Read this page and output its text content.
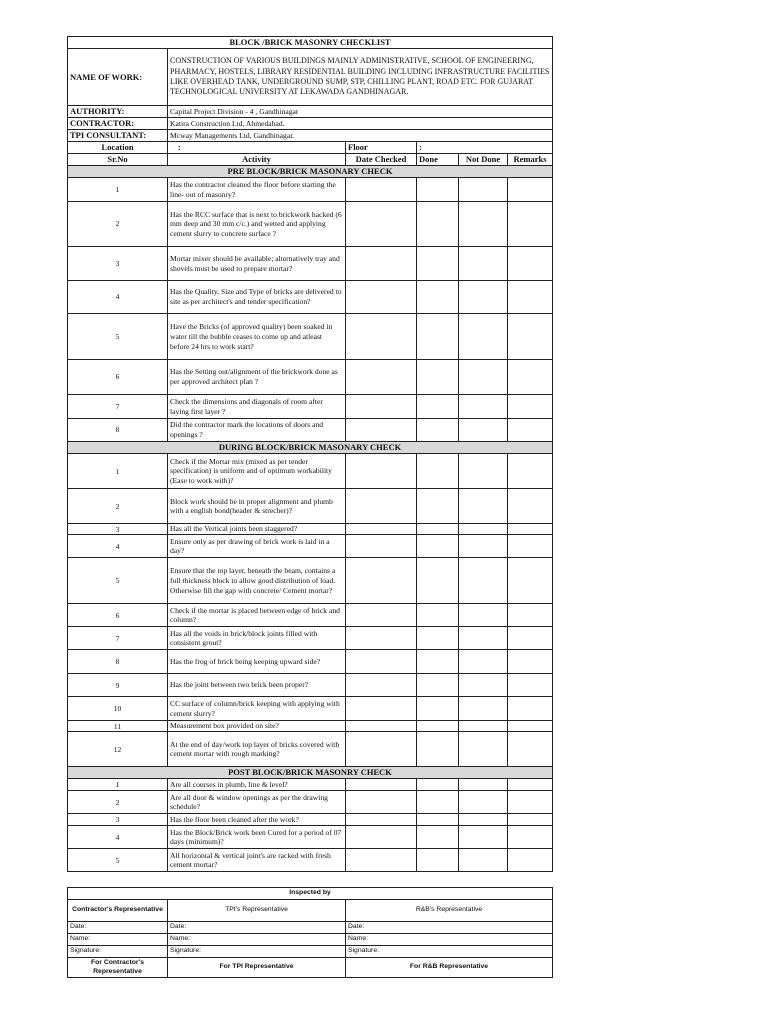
BLOCK /BRICK MASONRY CHECKLIST					
NAME OF WORK:	CONSTRUCTION OF VARIOUS BUILDINGS MAINLY ADMINISTRATIVE, SCHOOL OF ENGINEERING, PHARMACY, HOSTELS, LIBRARY RESIDENTIAL BUILDING INCLUDING INFRASTRUCTURE FACILITIES LIKE OVERHEAD TANK, UNDERGROUND SUMP, STP, CHILLING PLANT, ROAD ETC. FOR GUJARAT TECHNOLOGICAL UNIVERSITY AT LEKAWADA GANDHINAGAR.				
AUTHORITY:	Capital Project Division - 4 , Gandhinagar				
CONTRACTOR:	Katira Construction Ltd, Ahmedabad.				
TPI CONSULTANT:	Mcway Managements Ltd, Gandhinagar.				
Location	:	Floor	:		
Sr.No	Activity	Date Checked	Done	Not Done	Remarks
PRE BLOCK/BRICK MASONARY CHECK					
1	Has the contractor cleaned the floor before starting the line- out of masonry?				
2	Has the RCC surface that is next to brickwork hacked (6 mm deep and 30 mm c/c.) and wetted and applying cement slurry to concrete surface ?				
3	Mortar mixer should be available; alternatively tray and shovels must be used to prepare mortar?				
4	Has the Quality, Size and Type of bricks are delivered to site as per architect's and tender specification?				
5	Have the Bricks (of approved quality) been soaked in water till the bubble ceases to come up and atleast before 24 hrs to work start?				
6	Has the Setting out/alignment of the brickwork done as per approved architect plan ?				
7	Check the dimensions and diagonals of room after laying first layer ?				
8	Did the contractor mark the locations of doors and openings ?				
DURING BLOCK/BRICK MASONARY CHECK					
1	Check if the Mortar mix (mixed as per tender specification) is uniform and of optimum workability (Ease to work with)?				
2	Block work should be in proper alignment and plumb with a english bond(header & strecher)?				
3	Has all the Vertical joints been staggered?				
4	Ensure only as per drawing of brick work is laid in a day?				
5	Ensure that the top layer, beneath the beam, contains a full thickness block to allow good distribution of load. Otherwise fill the gap with concrete/ Cement mortar?				
6	Check if the mortar is placed between edge of brick and column?				
7	Has all the voids in brick/block joints filled with consistent grout?				
8	Has the frog of brick being keeping upward side?				
9	Has the joint between two brick been proper?				
10	CC surface of column/brick keeping with applying with cement slurry?				
11	Measurement box provided on site?				
12	At the end of day/work top layer of bricks covered with cement mortar with rough marking?				
POST BLOCK/BRICK MASONRY CHECK					
1	Are all courses in plumb, line & level?				
2	Are all door & window openings as per the drawing schedule?				
3	Has the floor been cleaned after the work?				
4	Has the Block/Brick work been Cured for a period of 07 days (minimum)?				
5	All horizontal & vertical joint's are racked with fresh cement mortar?				
Inspected by		
Contractor's Representative	TPI's Representative	R&B's Representative
Date:	Date:	Date:
Name:	Name:	Name:
Signature:	Signature:	Signature:
For Contractor's Representative	For TPI Representative	For R&B Representative
